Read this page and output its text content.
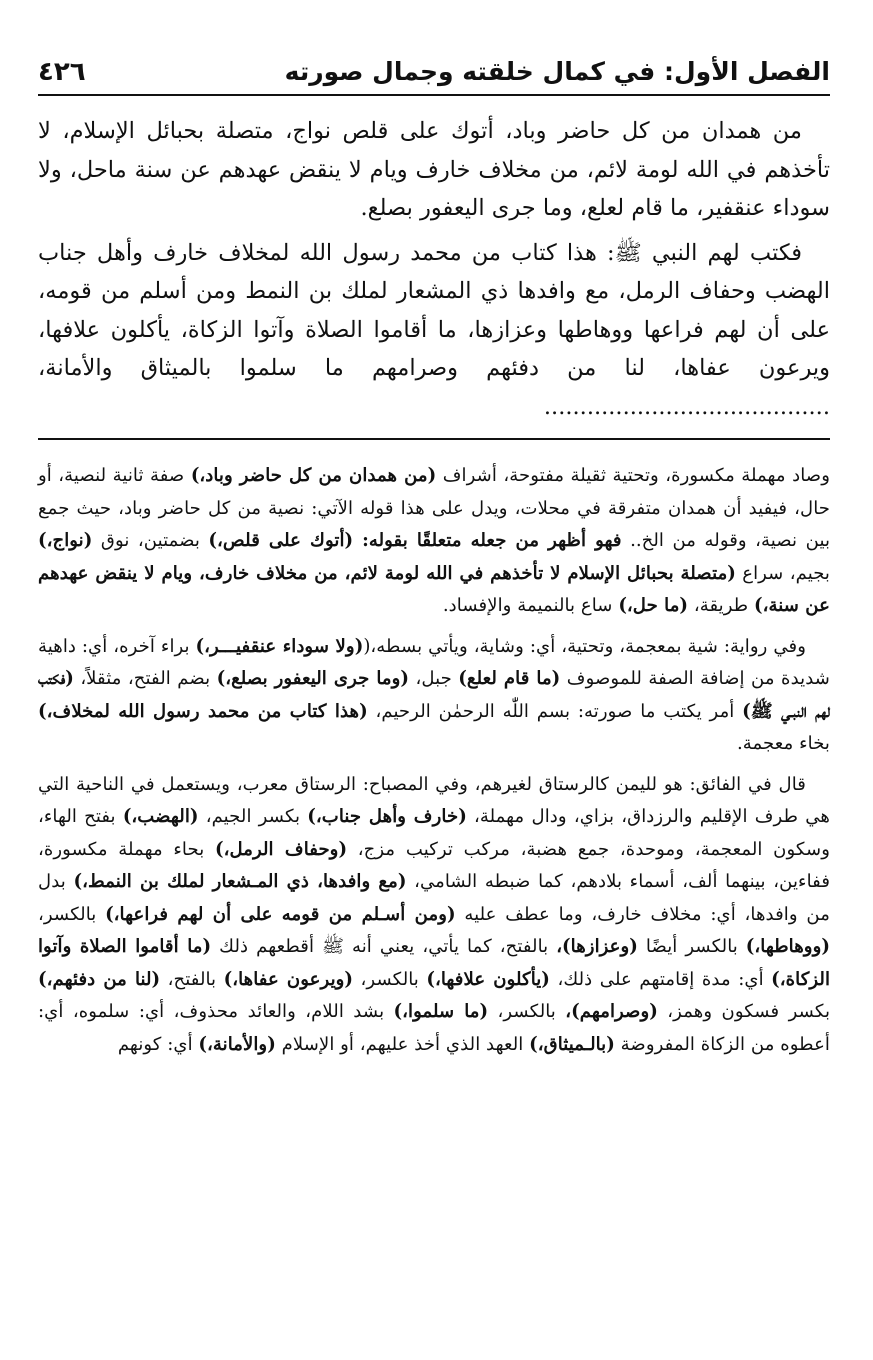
الفصل الأول: في كمال خلقته وجمال صورته
٤٢٦

من همدان من كل حاضر وباد، أتوك على قلص نواج، متصلة بحبائل الإسلام، لا تأخذهم في الله لومة لائم، من مخلاف خارف ويام لا ينقض عهدهم عن سنة ماحل، ولا سوداء عنقفير، ما قام لعلع، وما جرى اليعفور بصلع.

فكتب لهم النبي ﷺ: هذا كتاب من محمد رسول الله لمخلاف خارف وأهل جناب الهضب وحفاف الرمل، مع وافدها ذي المشعار لملك بن النمط ومن أسلم من قومه، على أن لهم فراعها ووهاطها وعزازها، ما أقاموا الصلاة وآتوا الزكاة، يأكلون علافها، ويرعون عفاها، لنا من دفئهم وصرامهم ما سلموا بالميثاق والأمانة، ........................................

وصاد مهملة مكسورة، وتحتية ثقيلة مفتوحة، أشراف (من همدان من كل حاضر وباد،) صفة ثانية لنصية، أو حال، فيفيد أن همدان متفرقة في محلات، ويدل على هذا قوله الآتي: نصية من كل حاضر وباد، حيث جمع بين نصية، وقوله من الخ.. فهو أظهر من جعله متعلقًا بقوله: (أتوك على قلص،) بضمتين، نوق (نواج،) بجيم، سراع (متصلة بحبائل الإسلام لا تأخذهم في الله لومة لائم، من مخلاف خارف، ويام لا ينقض عهدهم عن سنة،) طريقة، (ما حل،) ساع بالنميمة والإفساد.

وفي رواية: شية بمعجمة، وتحتية، أي: وشاية، ويأتي بسطه،((ولا سوداء عنقفيـــر،) براء آخره، أي: داهية شديدة من إضافة الصفة للموصوف (ما قام لعلع) جبل، (وما جرى اليعفور بصلع،) بضم الفتح، مثقلاً، (فكتب لهم النبـي ﷺ) أمر يكتب ما صورته: بسم اللّٰه الرحمٰن الرحيم، (هذا كتاب من محمد رسول الله لمخلاف،) بخاء معجمة.

قال في الفائق: هو لليمن كالرستاق لغيرهم، وفي المصباح: الرستاق معرب، ويستعمل في الناحية التي هي طرف الإقليم والرزداق، بزاي، ودال مهملة، (خارف وأهل جناب،) بكسر الجيم، (الهضب،) بفتح الهاء، وسكون المعجمة، وموحدة، جمع هضبة، مركب تركيب مزج، (وحفاف الرمل،) بحاء مهملة مكسورة، ففاءين، بينهما ألف، أسماء بلادهم، كما ضبطه الشامي، (مع وافدها، ذي المـشعار لملك بن النمط،) بدل من وافدها، أي: مخلاف خارف، وما عطف عليه (ومن أسـلم من قومه على أن لهم فراعها،) بالكسر، (ووهاطها،) بالكسر أيضًا (وعزازها)، بالفتح، كما يأتي، يعني أنه ﷺ أقطعهم ذلك (ما أقاموا الصلاة وآتوا الزكاة،) أي: مدة إقامتهم على ذلك، (يأكلون علافها،) بالكسر، (ويرعون عفاها،) بالفتح، (لنا من دفئهم،) بكسر فسكون وهمز، (وصرامهم)، بالكسر، (ما سلموا،) بشد اللام، والعائد محذوف، أي: سلموه، أي: أعطوه من الزكاة المفروضة (بالـميثاق،) العهد الذي أخذ عليهم، أو الإسلام (والأمانة،) أي: كونهم
